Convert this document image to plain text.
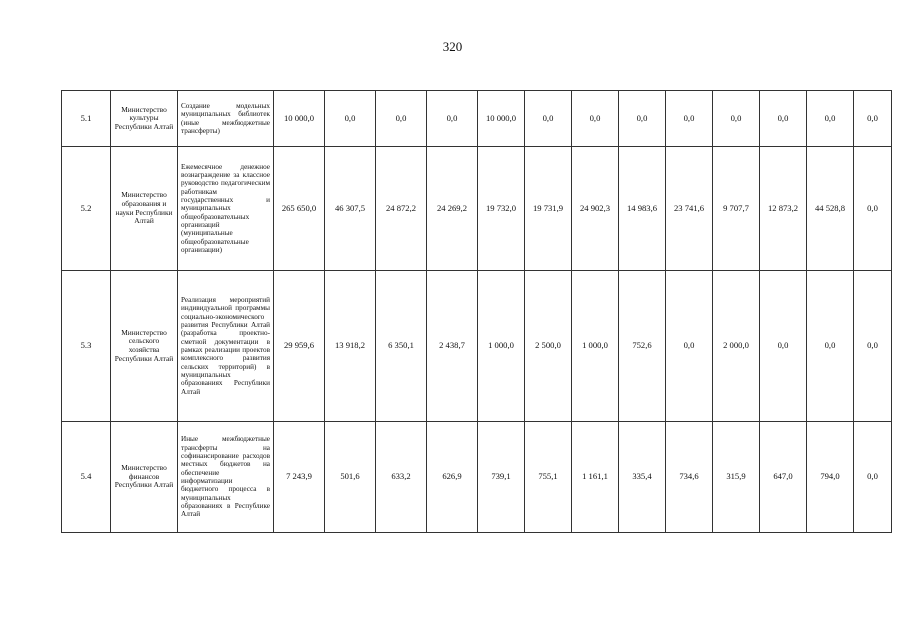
320
5.1	Министерство культуры Республики Алтай	Создание модельных муниципальных библиотек (иные межбюджетные трансферты)	10 000,0	0,0	0,0	0,0	10 000,0	0,0	0,0	0,0	0,0	0,0	0,0	0,0	0,0
5.2	Министерство образования и науки Республики Алтай	Ежемесячное денежное вознаграждение за классное руководство педагогическим работникам государственных и муниципальных общеобразовательных организаций (муниципальные общеобразовательные организации)	265 650,0	46 307,5	24 872,2	24 269,2	19 732,0	19 731,9	24 902,3	14 983,6	23 741,6	9 707,7	12 873,2	44 528,8	0,0
5.3	Министерство сельского хозяйства Республики Алтай	Реализация мероприятий индивидуальной программы социально-экономического развития Республики Алтай (разработка проектно-сметной документации в рамках реализации проектов комплексного развития сельских территорий) в муниципальных образованиях Республики Алтай	29 959,6	13 918,2	6 350,1	2 438,7	1 000,0	2 500,0	1 000,0	752,6	0,0	2 000,0	0,0	0,0	0,0
5.4	Министерство финансов Республики Алтай	Иные межбюджетные трансферты на софинансирование расходов местных бюджетов на обеспечение информатизации бюджетного процесса в муниципальных образованиях в Республике Алтай	7 243,9	501,6	633,2	626,9	739,1	755,1	1 161,1	335,4	734,6	315,9	647,0	794,0	0,0
